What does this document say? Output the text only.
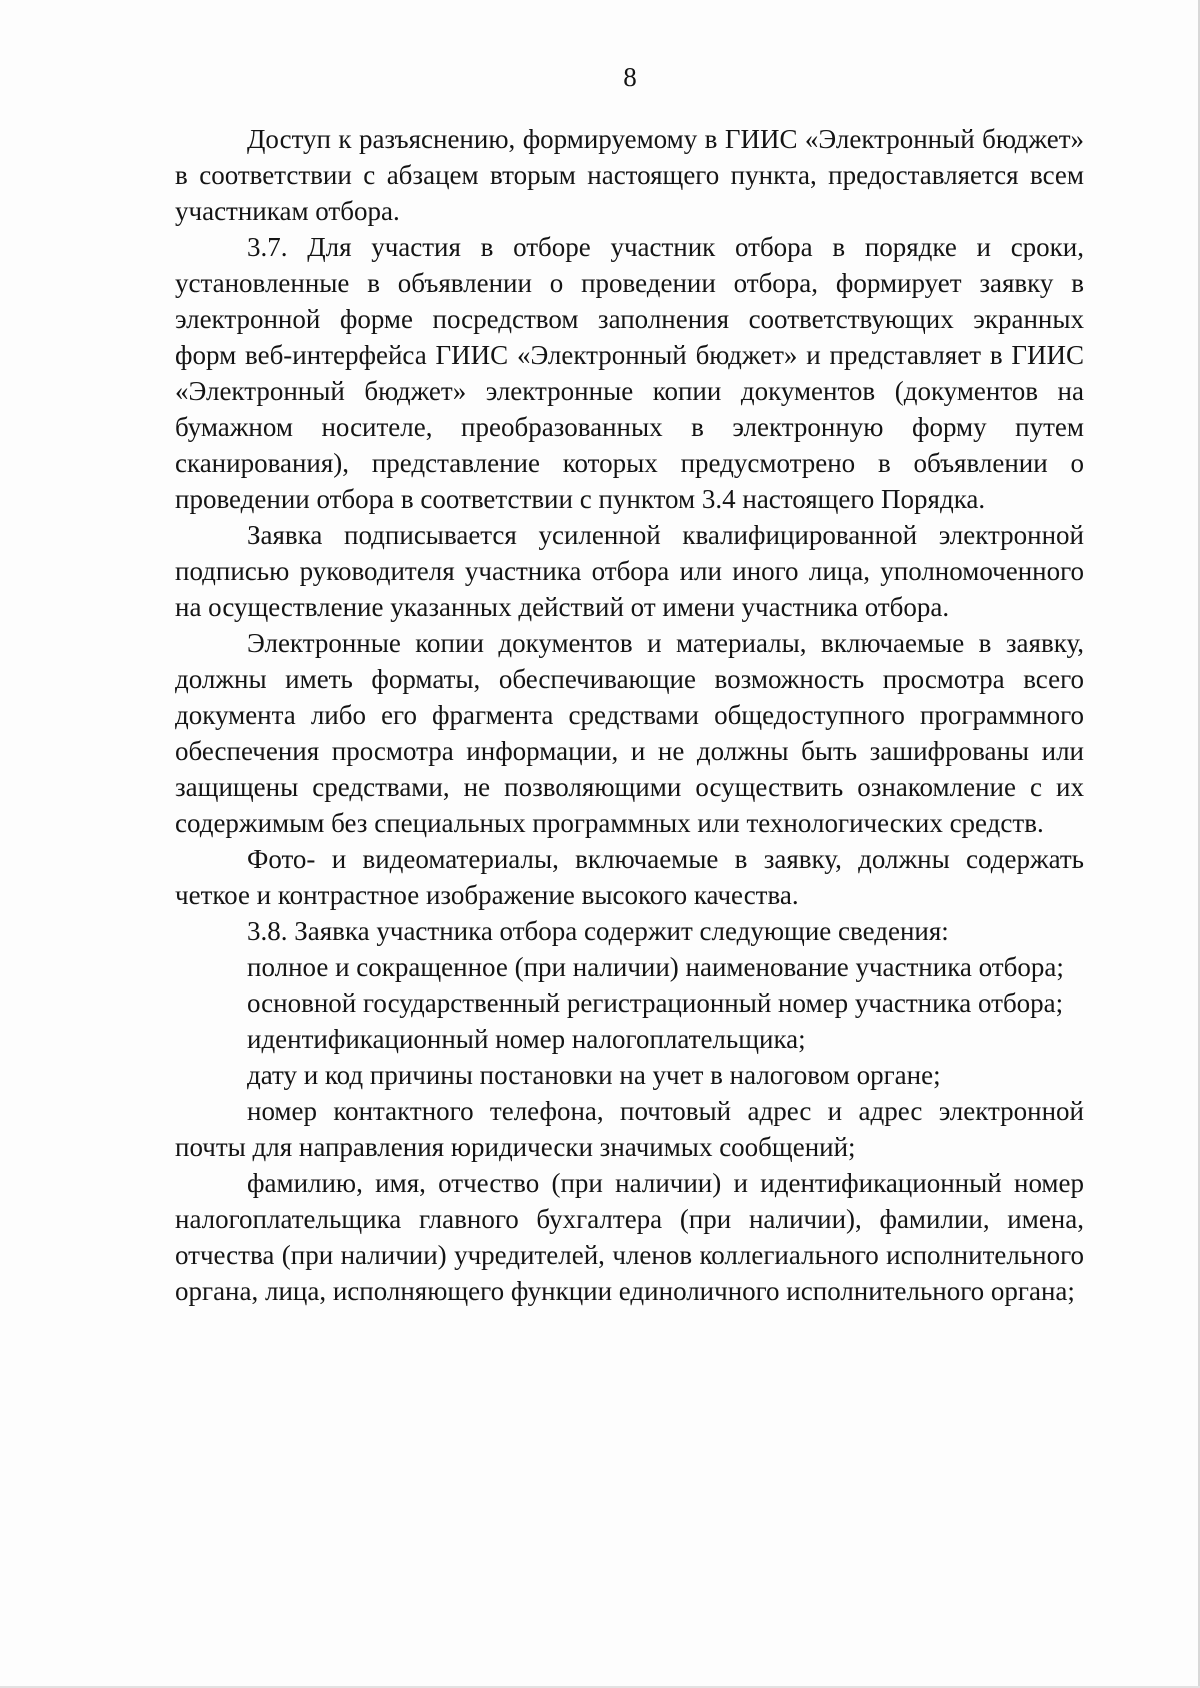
8

Доступ к разъяснению, формируемому в ГИИС «Электронный бюджет» в соответствии с абзацем вторым настоящего пункта, предоставляется всем участникам отбора.

3.7. Для участия в отборе участник отбора в порядке и сроки, установленные в объявлении о проведении отбора, формирует заявку в электронной форме посредством заполнения соответствующих экранных форм веб-интерфейса ГИИС «Электронный бюджет» и представляет в ГИИС «Электронный бюджет» электронные копии документов (документов на бумажном носителе, преобразованных в электронную форму путем сканирования), представление которых предусмотрено в объявлении о проведении отбора в соответствии с пунктом 3.4 настоящего Порядка.

Заявка подписывается усиленной квалифицированной электронной подписью руководителя участника отбора или иного лица, уполномоченного на осуществление указанных действий от имени участника отбора.

Электронные копии документов и материалы, включаемые в заявку, должны иметь форматы, обеспечивающие возможность просмотра всего документа либо его фрагмента средствами общедоступного программного обеспечения просмотра информации, и не должны быть зашифрованы или защищены средствами, не позволяющими осуществить ознакомление с их содержимым без специальных программных или технологических средств.

Фото- и видеоматериалы, включаемые в заявку, должны содержать четкое и контрастное изображение высокого качества.

3.8. Заявка участника отбора содержит следующие сведения:

полное и сокращенное (при наличии) наименование участника отбора;

основной государственный регистрационный номер участника отбора;

идентификационный номер налогоплательщика;

дату и код причины постановки на учет в налоговом органе;

номер контактного телефона, почтовый адрес и адрес электронной почты для направления юридически значимых сообщений;

фамилию, имя, отчество (при наличии) и идентификационный номер налогоплательщика главного бухгалтера (при наличии), фамилии, имена, отчества (при наличии) учредителей, членов коллегиального исполнительного органа, лица, исполняющего функции единоличного исполнительного органа;
